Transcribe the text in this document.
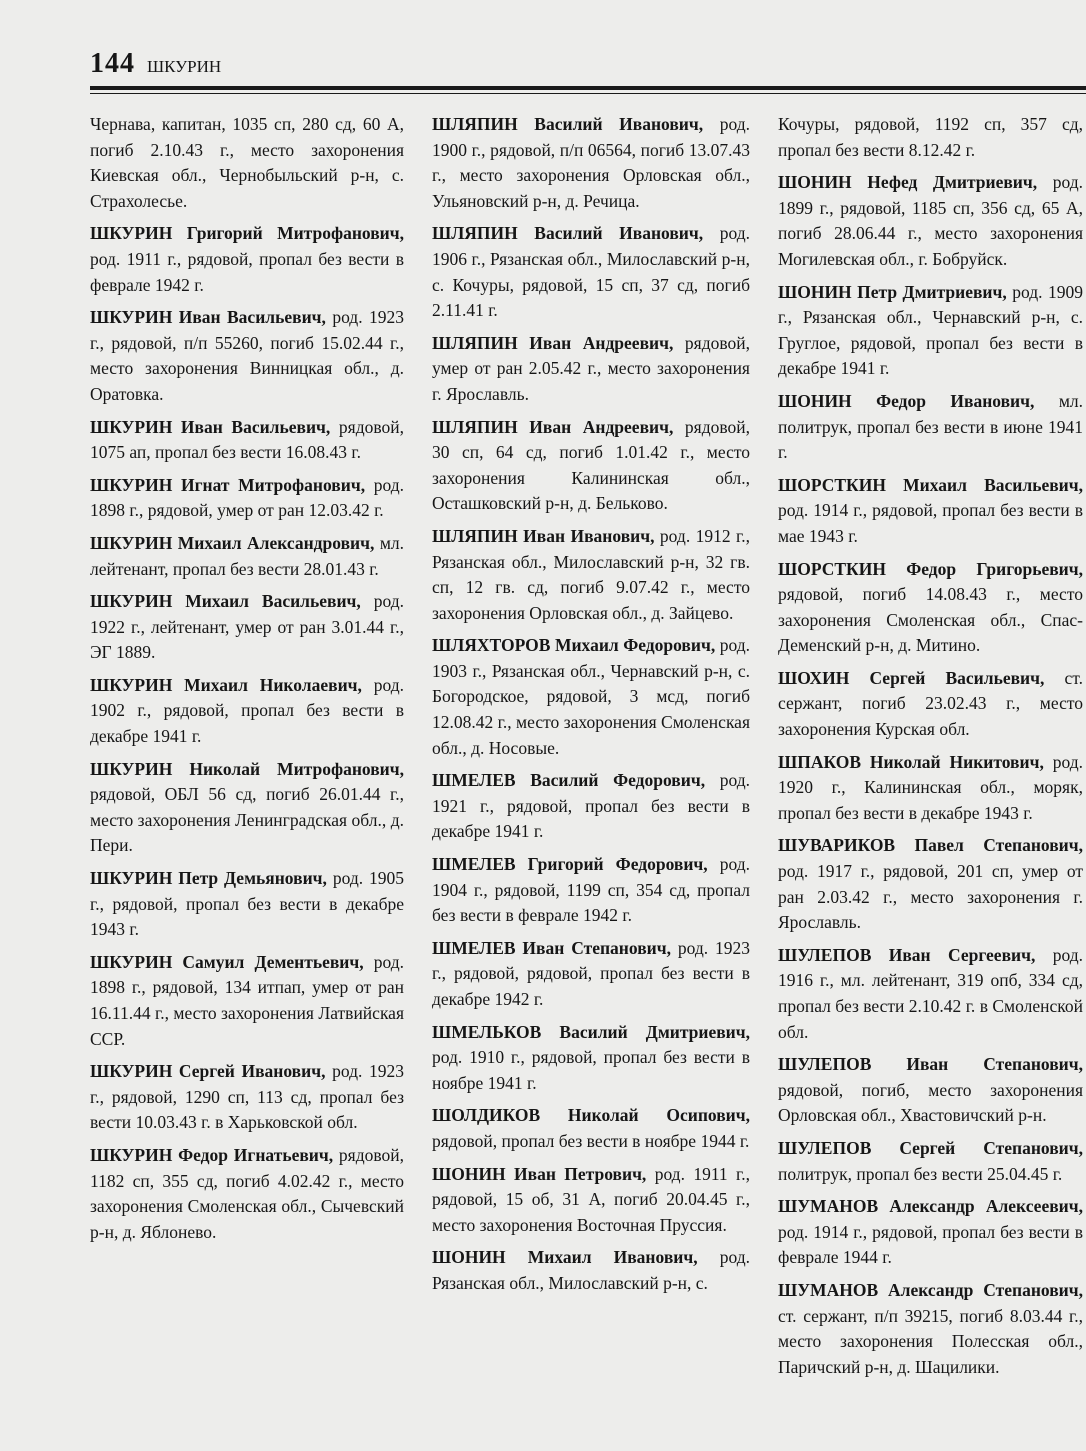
144 ШКУРИН

Чернава, капитан, 1035 сп, 280 сд, 60 А, погиб 2.10.43 г., место захоронения Киевская обл., Чернобыльский р-н, с. Страхолесье.

ШКУРИН Григорий Митрофанович, род. 1911 г., рядовой, пропал без вести в феврале 1942 г.

ШКУРИН Иван Васильевич, род. 1923 г., рядовой, п/п 55260, погиб 15.02.44 г., место захоронения Винницкая обл., д. Оратовка.

ШКУРИН Иван Васильевич, рядовой, 1075 ап, пропал без вести 16.08.43 г.

ШКУРИН Игнат Митрофанович, род. 1898 г., рядовой, умер от ран 12.03.42 г.

ШКУРИН Михаил Александрович, мл. лейтенант, пропал без вести 28.01.43 г.

ШКУРИН Михаил Васильевич, род. 1922 г., лейтенант, умер от ран 3.01.44 г., ЭГ 1889.

ШКУРИН Михаил Николаевич, род. 1902 г., рядовой, пропал без вести в декабре 1941 г.

ШКУРИН Николай Митрофанович, рядовой, ОБЛ 56 сд, погиб 26.01.44 г., место захоронения Ленинградская обл., д. Пери.

ШКУРИН Петр Демьянович, род. 1905 г., рядовой, пропал без вести в декабре 1943 г.

ШКУРИН Самуил Дементьевич, род. 1898 г., рядовой, 134 итпап, умер от ран 16.11.44 г., место захоронения Латвийская ССР.

ШКУРИН Сергей Иванович, род. 1923 г., рядовой, 1290 сп, 113 сд, пропал без вести 10.03.43 г. в Харьковской обл.

ШКУРИН Федор Игнатьевич, рядовой, 1182 сп, 355 сд, погиб 4.02.42 г., место захоронения Смоленская обл., Сычевский р-н, д. Яблонево.

ШЛЯПИН Василий Иванович, род. 1900 г., рядовой, п/п 06564, погиб 13.07.43 г., место захоронения Орловская обл., Ульяновский р-н, д. Речица.

ШЛЯПИН Василий Иванович, род. 1906 г., Рязанская обл., Милославский р-н, с. Кочуры, рядовой, 15 сп, 37 сд, погиб 2.11.41 г.

ШЛЯПИН Иван Андреевич, рядовой, умер от ран 2.05.42 г., место захоронения г. Ярославль.

ШЛЯПИН Иван Андреевич, рядовой, 30 сп, 64 сд, погиб 1.01.42 г., место захоронения Калининская обл., Осташковский р-н, д. Бельково.

ШЛЯПИН Иван Иванович, род. 1912 г., Рязанская обл., Милославский р-н, 32 гв. сп, 12 гв. сд, погиб 9.07.42 г., место захоронения Орловская обл., д. Зайцево.

ШЛЯХТОРОВ Михаил Федорович, род. 1903 г., Рязанская обл., Чернавский р-н, с. Богородское, рядовой, 3 мсд, погиб 12.08.42 г., место захоронения Смоленская обл., д. Носовые.

ШМЕЛЕВ Василий Федорович, род. 1921 г., рядовой, пропал без вести в декабре 1941 г.

ШМЕЛЕВ Григорий Федорович, род. 1904 г., рядовой, 1199 сп, 354 сд, пропал без вести в феврале 1942 г.

ШМЕЛЕВ Иван Степанович, род. 1923 г., рядовой, рядовой, пропал без вести в декабре 1942 г.

ШМЕЛЬКОВ Василий Дмитриевич, род. 1910 г., рядовой, пропал без вести в ноябре 1941 г.

ШОЛДИКОВ Николай Осипович, рядовой, пропал без вести в ноябре 1944 г.

ШОНИН Иван Петрович, род. 1911 г., рядовой, 15 об, 31 А, погиб 20.04.45 г., место захоронения Восточная Пруссия.

ШОНИН Михаил Иванович, род. Рязанская обл., Милославский р-н, с.

Кочуры, рядовой, 1192 сп, 357 сд, пропал без вести 8.12.42 г.

ШОНИН Нефед Дмитриевич, род. 1899 г., рядовой, 1185 сп, 356 сд, 65 А, погиб 28.06.44 г., место захоронения Могилевская обл., г. Бобруйск.

ШОНИН Петр Дмитриевич, род. 1909 г., Рязанская обл., Чернавский р-н, с. Груглое, рядовой, пропал без вести в декабре 1941 г.

ШОНИН Федор Иванович, мл. политрук, пропал без вести в июне 1941 г.

ШОРСТКИН Михаил Васильевич, род. 1914 г., рядовой, пропал без вести в мае 1943 г.

ШОРСТКИН Федор Григорьевич, рядовой, погиб 14.08.43 г., место захоронения Смоленская обл., Спас-Деменский р-н, д. Митино.

ШОХИН Сергей Васильевич, ст. сержант, погиб 23.02.43 г., место захоронения Курская обл.

ШПАКОВ Николай Никитович, род. 1920 г., Калининская обл., моряк, пропал без вести в декабре 1943 г.

ШУВАРИКОВ Павел Степанович, род. 1917 г., рядовой, 201 сп, умер от ран 2.03.42 г., место захоронения г. Ярославль.

ШУЛЕПОВ Иван Сергеевич, род. 1916 г., мл. лейтенант, 319 опб, 334 сд, пропал без вести 2.10.42 г. в Смоленской обл.

ШУЛЕПОВ Иван Степанович, рядовой, погиб, место захоронения Орловская обл., Хвастовичский р-н.

ШУЛЕПОВ Сергей Степанович, политрук, пропал без вести 25.04.45 г.

ШУМАНОВ Александр Алексеевич, род. 1914 г., рядовой, пропал без вести в феврале 1944 г.

ШУМАНОВ Александр Степанович, ст. сержант, п/п 39215, погиб 8.03.44 г., место захоронения Полесская обл., Паричский р-н, д. Шацилики.
